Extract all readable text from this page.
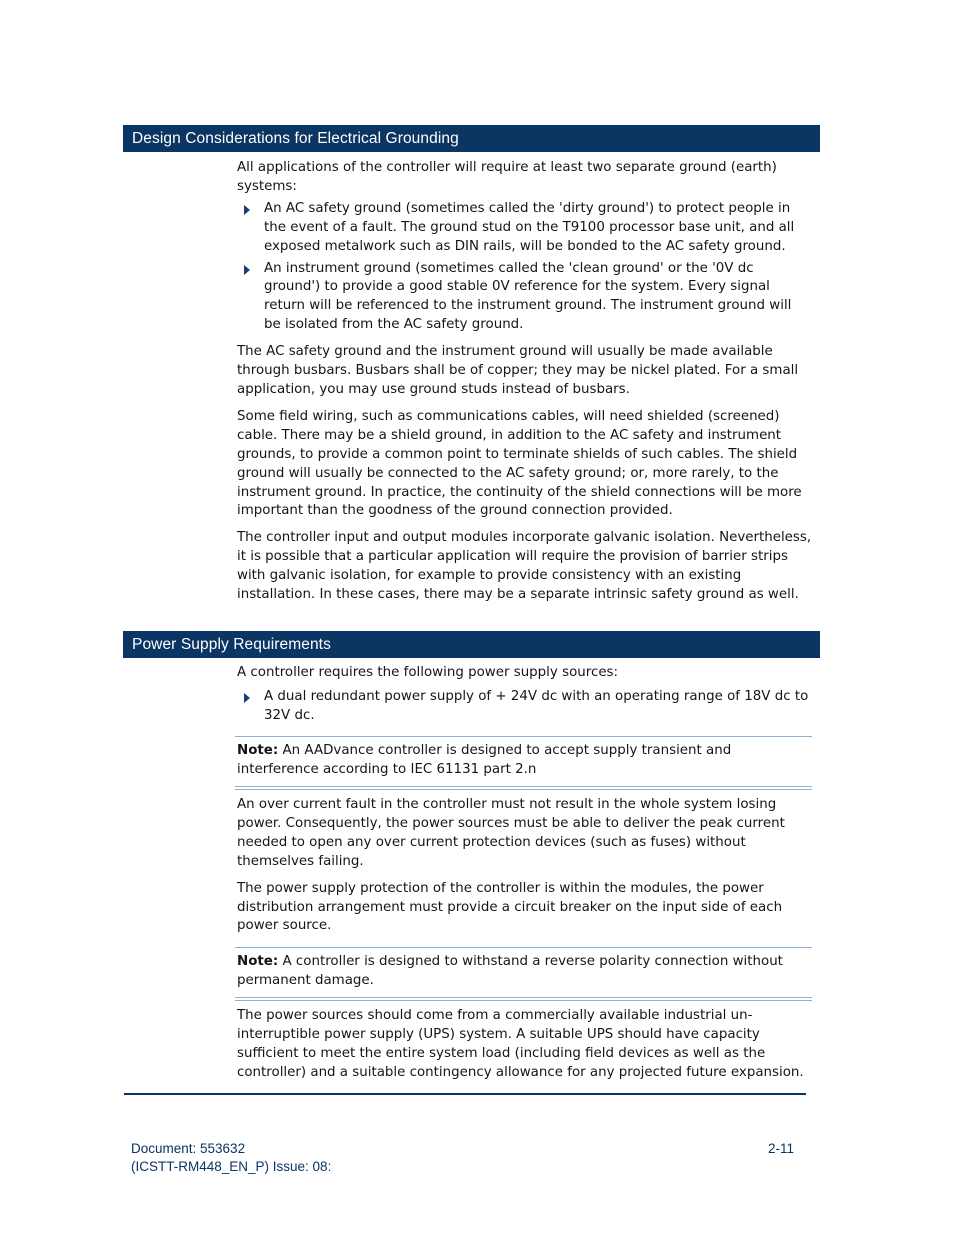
Design Considerations for Electrical Grounding

All applications of the controller will require at least two separate ground (earth) systems:

An AC safety ground (sometimes called the 'dirty ground') to protect people in the event of a fault. The ground stud on the T9100 processor base unit, and all exposed metalwork such as DIN rails, will be bonded to the AC safety ground.
An instrument ground (sometimes called the 'clean ground' or the '0V dc ground') to provide a good stable 0V reference for the system. Every signal return will be referenced to the instrument ground. The instrument ground will be isolated from the AC safety ground.

The AC safety ground and the instrument ground will usually be made available through busbars. Busbars shall be of copper; they may be nickel plated. For a small application, you may use ground studs instead of busbars.

Some field wiring, such as communications cables, will need shielded (screened) cable. There may be a shield ground, in addition to the AC safety and instrument grounds, to provide a common point to terminate shields of such cables. The shield ground will usually be connected to the AC safety ground; or, more rarely, to the instrument ground. In practice, the continuity of the shield connections will be more important than the goodness of the ground connection provided.

The controller input and output modules incorporate galvanic isolation. Nevertheless, it is possible that a particular application will require the provision of barrier strips with galvanic isolation, for example to provide consistency with an existing installation. In these cases, there may be a separate intrinsic safety ground as well.

Power Supply Requirements

A controller requires the following power supply sources:

A dual redundant power supply of + 24V dc with an operating range of 18V dc to 32V dc.

Note: An AADvance controller is designed to accept supply transient and interference according to IEC 61131 part 2.n

An over current fault in the controller must not result in the whole system losing power. Consequently, the power sources must be able to deliver the peak current needed to open any over current protection devices (such as fuses) without themselves failing.

The power supply protection of the controller is within the modules, the power distribution arrangement must provide a circuit breaker on the input side of each power source.

Note: A controller is designed to withstand a reverse polarity connection without permanent damage.

The power sources should come from a commercially available industrial un-interruptible power supply (UPS) system. A suitable UPS should have capacity sufficient to meet the entire system load (including field devices as well as the controller) and a suitable contingency allowance for any projected future expansion.

Document: 553632
(ICSTT-RM448_EN_P) Issue: 08:
2-11
